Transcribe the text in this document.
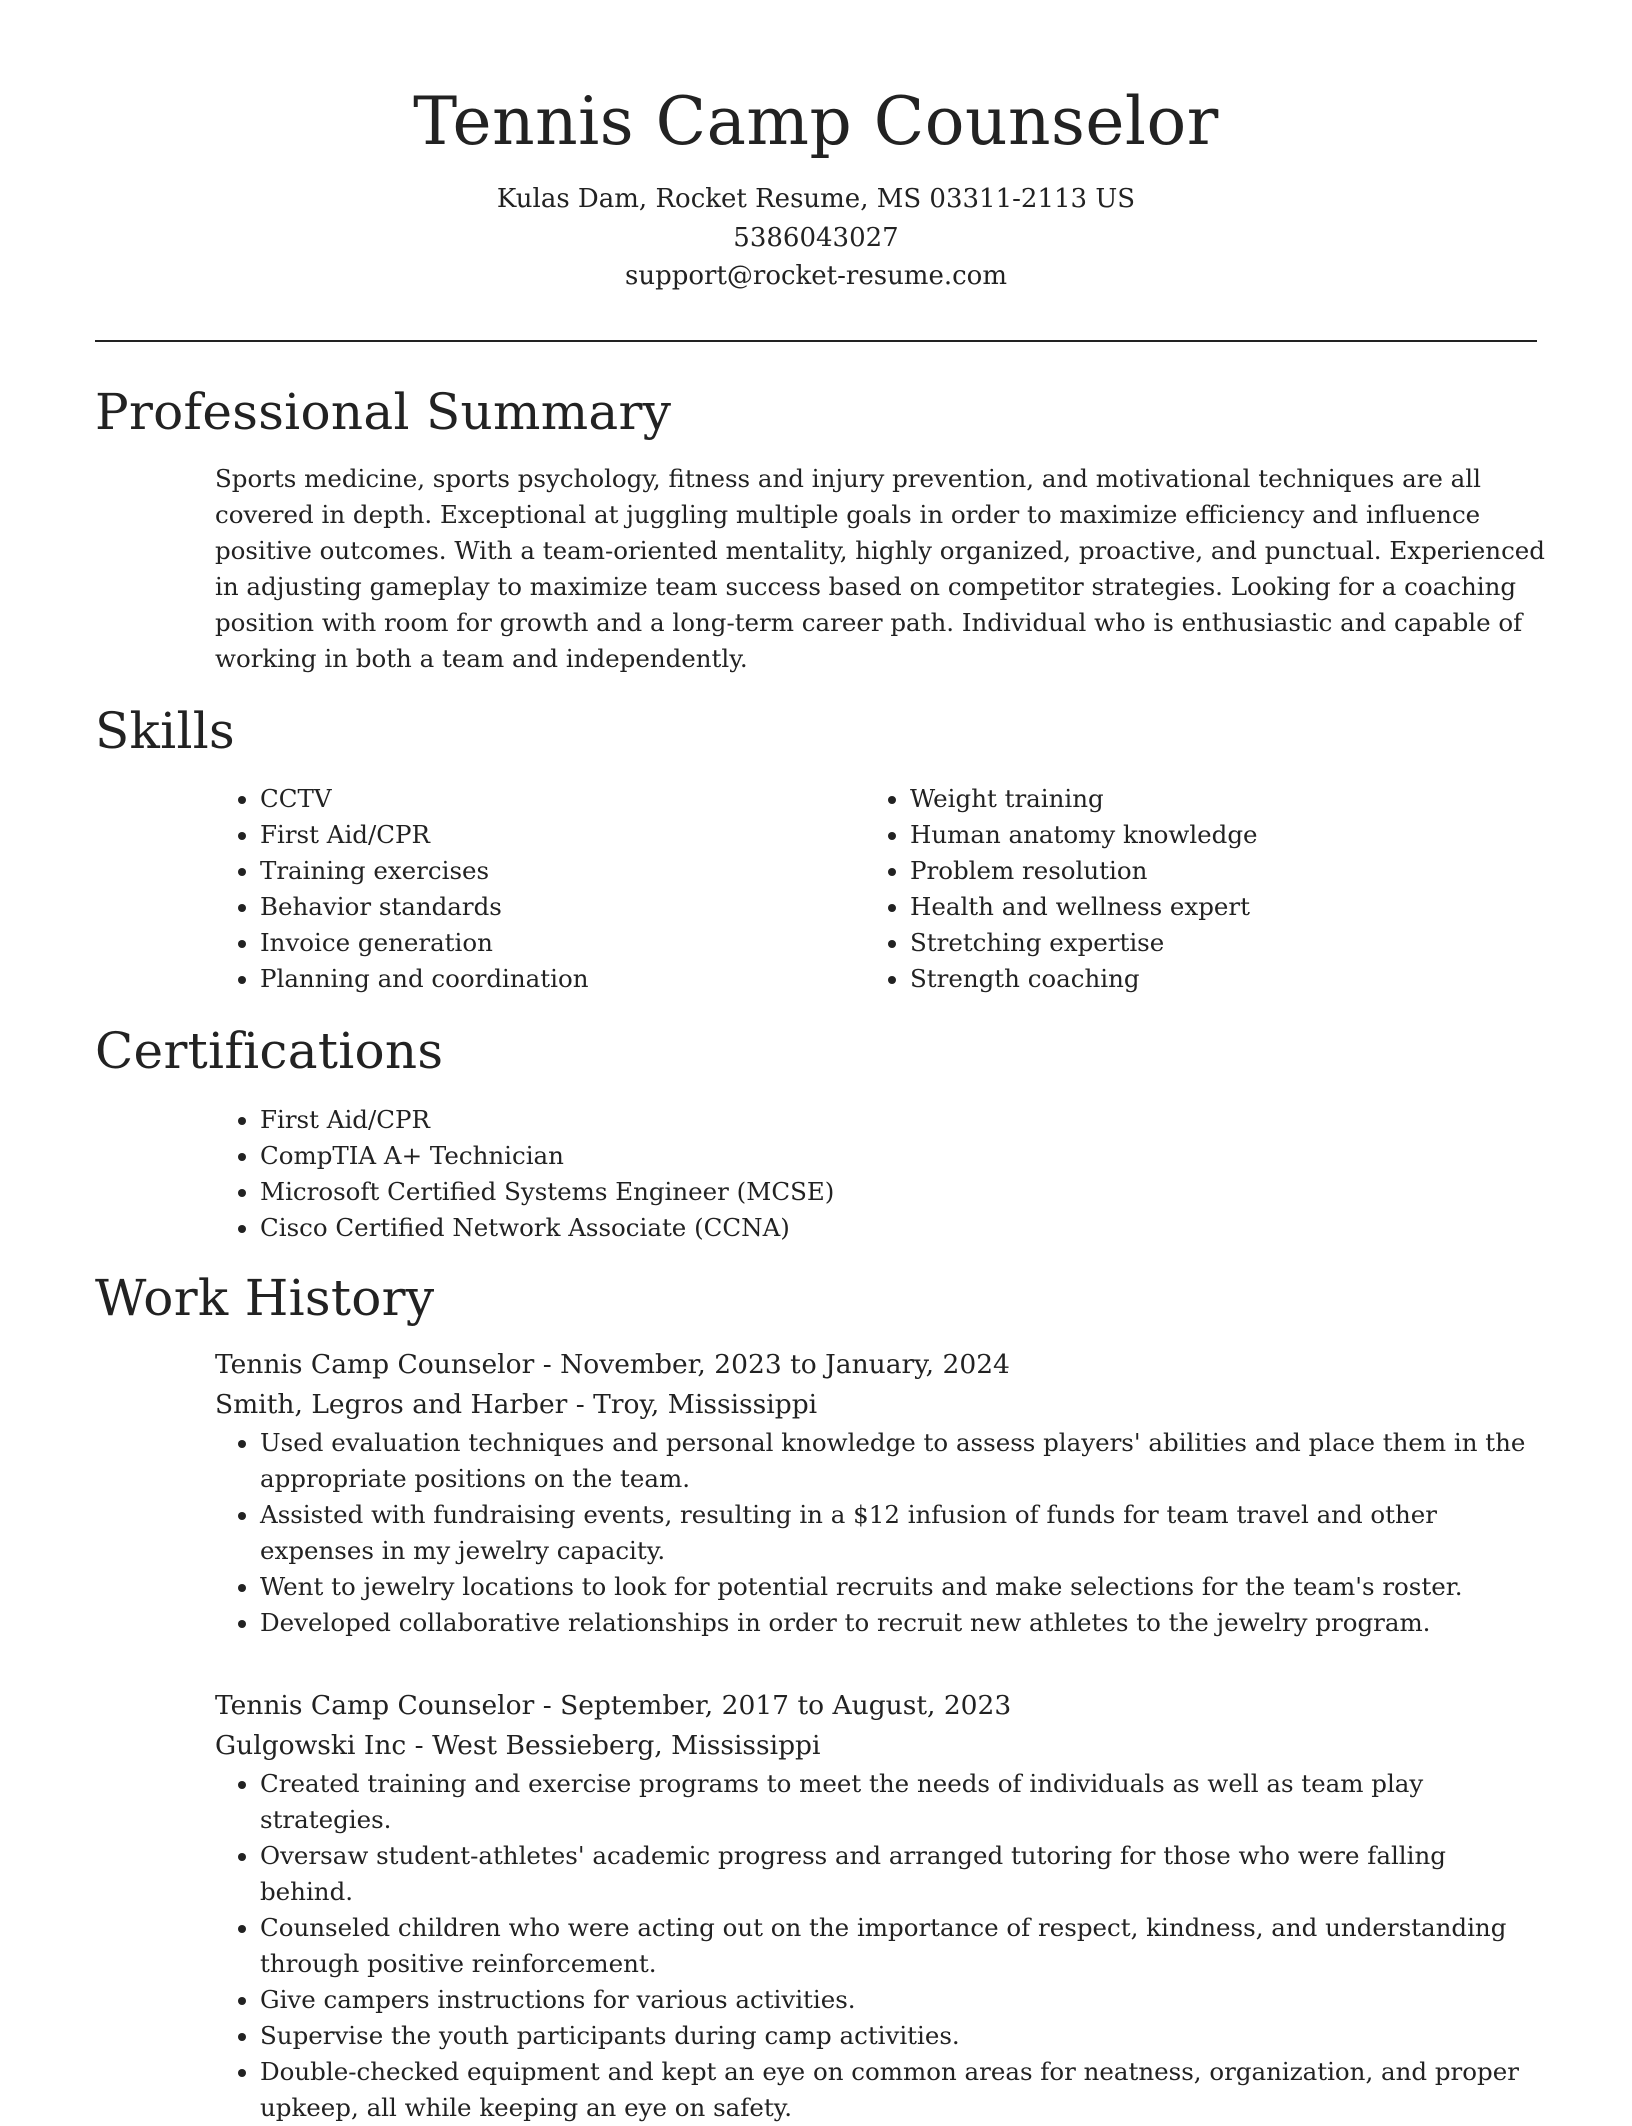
Tennis Camp Counselor
Kulas Dam, Rocket Resume, MS 03311-2113 US
5386043027
support@rocket-resume.com
Professional Summary

Sports medicine, sports psychology, fitness and injury prevention, and motivational techniques are all covered in depth. Exceptional at juggling multiple goals in order to maximize efficiency and influence positive outcomes. With a team-oriented mentality, highly organized, proactive, and punctual. Experienced in adjusting gameplay to maximize team success based on competitor strategies. Looking for a coaching position with room for growth and a long-term career path. Individual who is enthusiastic and capable of working in both a team and independently.

Skills
• CCTV
• First Aid/CPR
• Training exercises
• Behavior standards
• Invoice generation
• Planning and coordination
• Weight training
• Human anatomy knowledge
• Problem resolution
• Health and wellness expert
• Stretching expertise
• Strength coaching
Certifications
• First Aid/CPR
• CompTIA A+ Technician
• Microsoft Certified Systems Engineer (MCSE)
• Cisco Certified Network Associate (CCNA)
Work History
Tennis Camp Counselor - November, 2023 to January, 2024
Smith, Legros and Harber - Troy, Mississippi
• Used evaluation techniques and personal knowledge to assess players' abilities and place them in the appropriate positions on the team.
• Assisted with fundraising events, resulting in a $12 infusion of funds for team travel and other expenses in my jewelry capacity.
• Went to jewelry locations to look for potential recruits and make selections for the team's roster.
• Developed collaborative relationships in order to recruit new athletes to the jewelry program.
Tennis Camp Counselor - September, 2017 to August, 2023
Gulgowski Inc - West Bessieberg, Mississippi
• Created training and exercise programs to meet the needs of individuals as well as team play strategies.
• Oversaw student-athletes' academic progress and arranged tutoring for those who were falling behind.
• Counseled children who were acting out on the importance of respect, kindness, and understanding through positive reinforcement.
• Give campers instructions for various activities.
• Supervise the youth participants during camp activities.
• Double-checked equipment and kept an eye on common areas for neatness, organization, and proper upkeep, all while keeping an eye on safety.
